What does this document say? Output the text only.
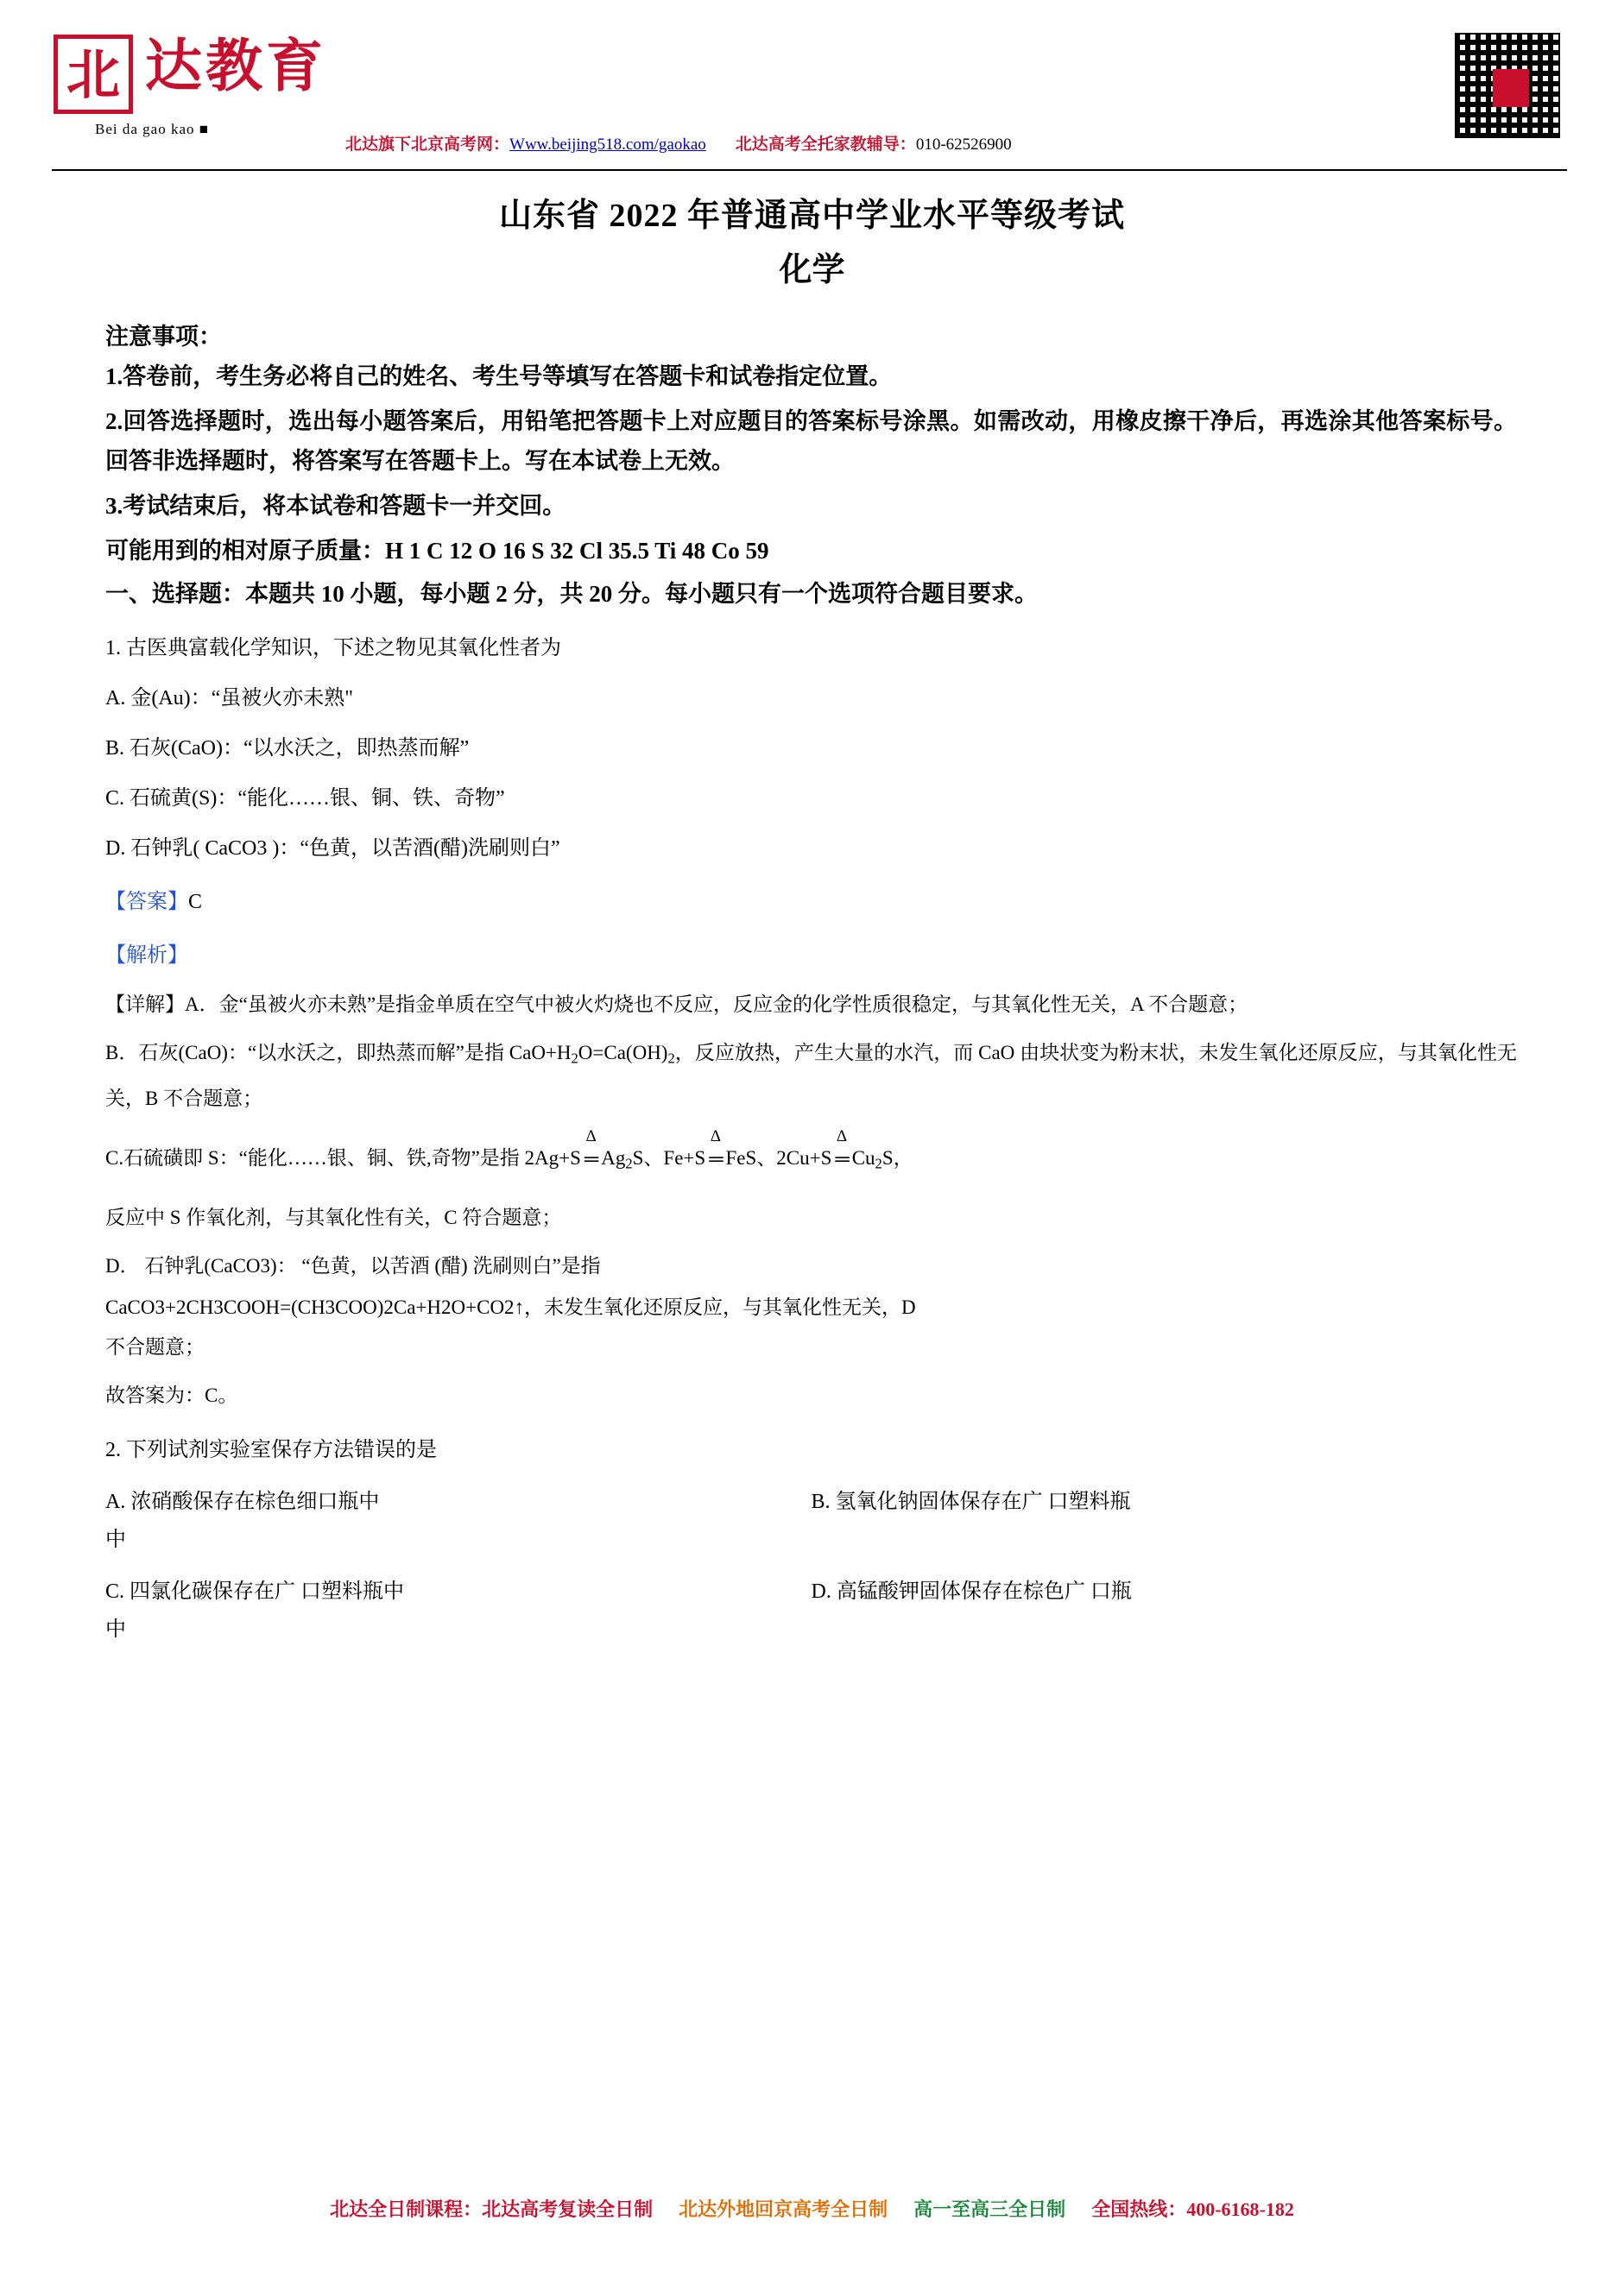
北 达教育
Bei da gao kao ■
北达旗下北京高考网：Www.beijing518.com/gaokao 北达高考全托家教辅导：010-62526900
山东省 2022 年普通高中学业水平等级考试
化学
注意事项：
1.答卷前，考生务必将自己的姓名、考生号等填写在答题卡和试卷指定位置。
2.回答选择题时，选出每小题答案后，用铅笔把答题卡上对应题目的答案标号涂黑。如需改动，用橡皮擦干净后，再选涂其他答案标号。回答非选择题时，将答案写在答题卡上。写在本试卷上无效。
3.考试结束后，将本试卷和答题卡一并交回。
可能用到的相对原子质量：H 1 C 12 O 16 S 32 Cl 35.5 Ti 48 Co 59
一、选择题：本题共 10 小题，每小题 2 分，共 20 分。每小题只有一个选项符合题目要求。
1. 古医典富载化学知识，下述之物见其氧化性者为
A. 金(Au)：“虽被火亦未熟"
B. 石灰(CaO)：“以水沃之，即热蒸而解”
C. 石硫黄(S)：“能化……银、铜、铁、奇物”
D. 石钟乳( CaCO3 )：“色黄，以苦酒(醋)洗刷则白”
【答案】C
【解析】
【详解】A．金“虽被火亦未熟”是指金单质在空气中被火灼烧也不反应，反应金的化学性质很稳定，与其氧化性无关，A 不合题意；
B．石灰(CaO)：“以水沃之，即热蒸而解”是指 $CaO+H_2O=Ca(OH)_2$，反应放热，产生大量的水汽，而 CaO 由块状变为粉末状，未发生氧化还原反应，与其氧化性无关，B 不合题意；
C.石硫磺即 S：“能化……银、铜、铁,奇物”是指 2Ag+S
Δ
═ $Ag_2S$、Fe+S
Δ
═ FeS、2Cu+S
Δ
═ $Cu_2S$，
反应中 S 作氧化剂，与其氧化性有关，C 符合题意；
D． 石钟乳(CaCO3)： “色黄，以苦酒 (醋) 洗刷则白”是指
CaCO3+2CH3COOH=(CH3COO)2Ca+H2O+CO2↑，未发生氧化还原反应，与其氧化性无关，D
不合题意；
故答案为：C。
2. 下列试剂实验室保存方法错误的是
A. 浓硝酸保存在棕色细口瓶中	B. 氢氧化钠固体保存在广 口塑料瓶
中
C. 四氯化碳保存在广 口塑料瓶中	D. 高锰酸钾固体保存在棕色广 口瓶
中
北达全日制课程：北达高考复读全日制 北达外地回京高考全日制 高一至高三全日制 全国热线：400-6168-182
